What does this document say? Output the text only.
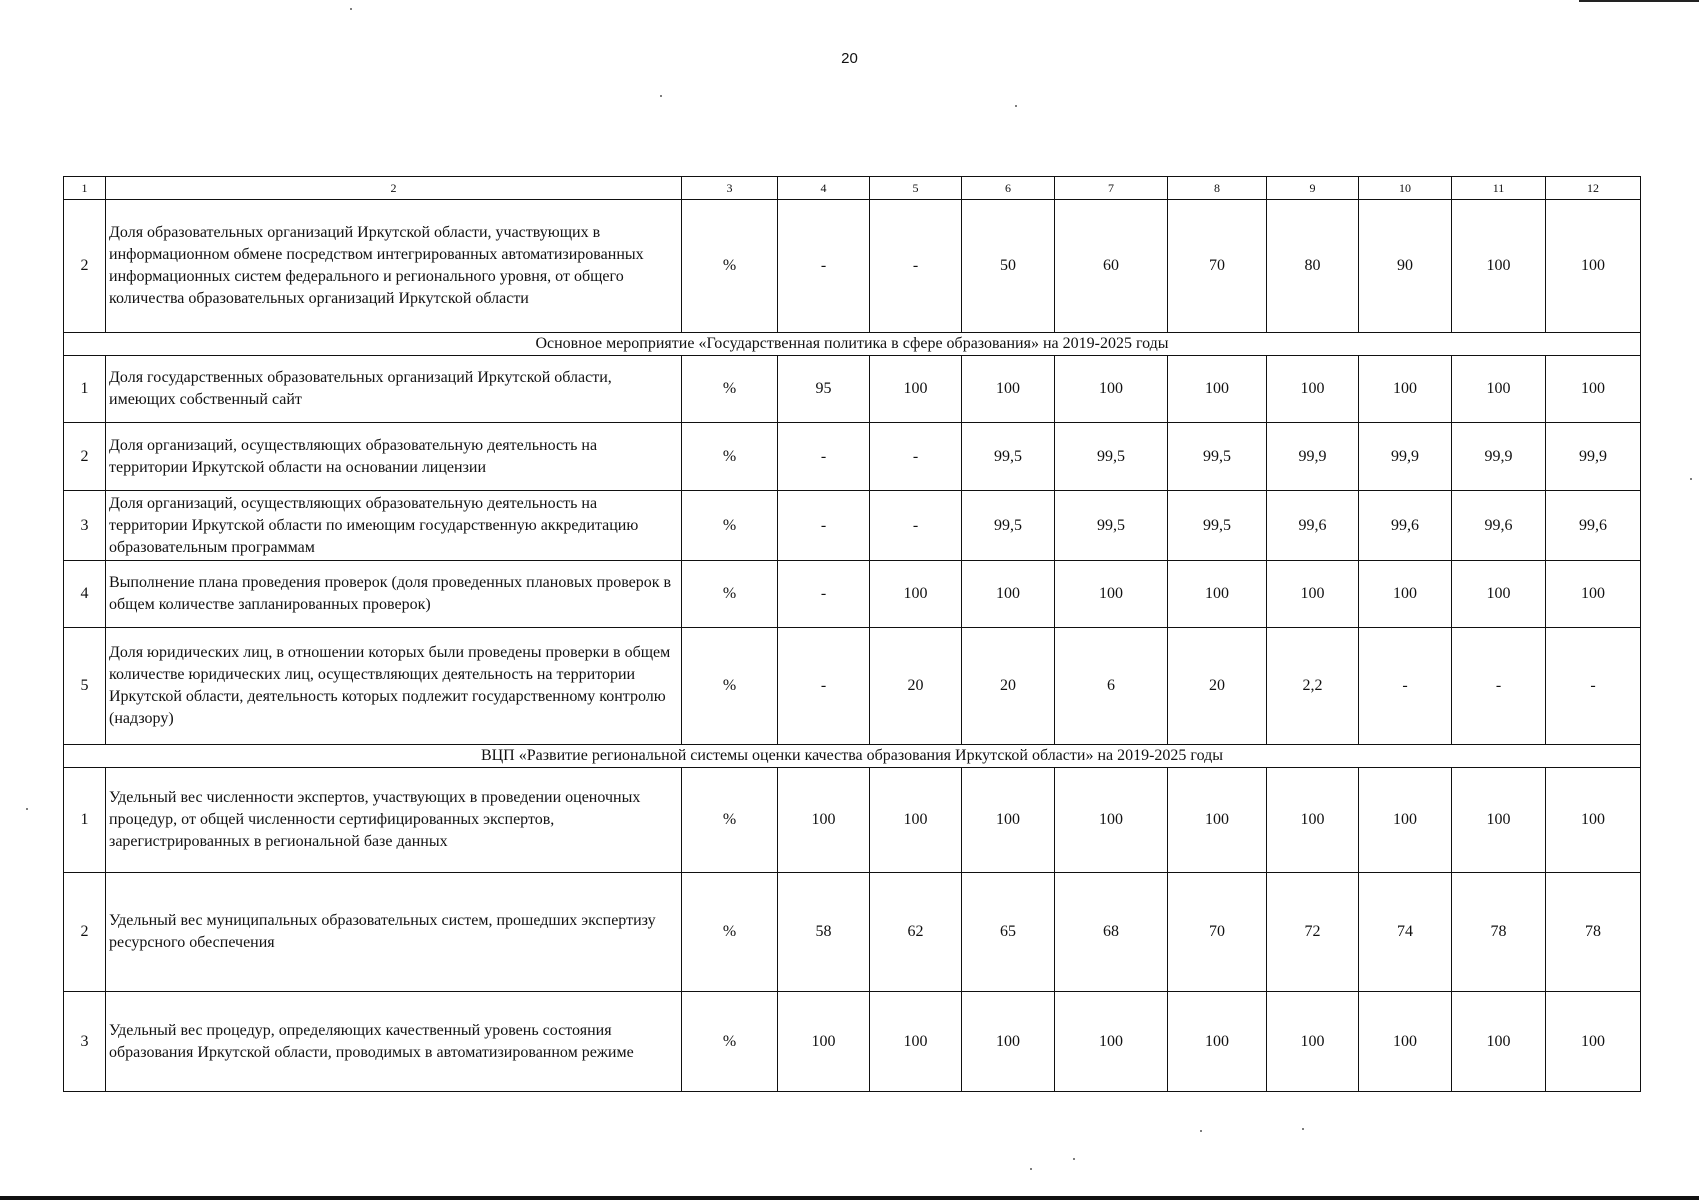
20
1	2	3	4	5	6	7	8	9	10	11	12
2	Доля образовательных организаций Иркутской области, участвующих в информационном обмене посредством интегрированных автоматизированных информационных систем федерального и регионального уровня, от общего количества образовательных организаций Иркутской области	%	-	-	50	60	70	80	90	100	100
Основное мероприятие «Государственная политика в сфере образования» на 2019-2025 годы											
1	Доля государственных образовательных организаций Иркутской области, имеющих собственный сайт	%	95	100	100	100	100	100	100	100	100
2	Доля организаций, осуществляющих образовательную деятельность на территории Иркутской области на основании лицензии	%	-	-	99,5	99,5	99,5	99,9	99,9	99,9	99,9
3	Доля организаций, осуществляющих образовательную деятельность на территории Иркутской области по имеющим государственную аккредитацию образовательным программам	%	-	-	99,5	99,5	99,5	99,6	99,6	99,6	99,6
4	Выполнение плана проведения проверок (доля проведенных плановых проверок в общем количестве запланированных проверок)	%	-	100	100	100	100	100	100	100	100
5	Доля юридических лиц, в отношении которых были проведены проверки в общем количестве юридических лиц, осуществляющих деятельность на территории Иркутской области, деятельность которых подлежит государственному контролю (надзору)	%	-	20	20	6	20	2,2	-	-	-
ВЦП «Развитие региональной системы оценки качества образования Иркутской области» на 2019-2025 годы											
1	Удельный вес численности экспертов, участвующих в проведении оценочных процедур, от общей численности сертифицированных экспертов, зарегистрированных в региональной базе данных	%	100	100	100	100	100	100	100	100	100
2	Удельный вес муниципальных образовательных систем, прошедших экспертизу ресурсного обеспечения	%	58	62	65	68	70	72	74	78	78
3	Удельный вес процедур, определяющих качественный уровень состояния образования Иркутской области, проводимых в автоматизированном режиме	%	100	100	100	100	100	100	100	100	100
